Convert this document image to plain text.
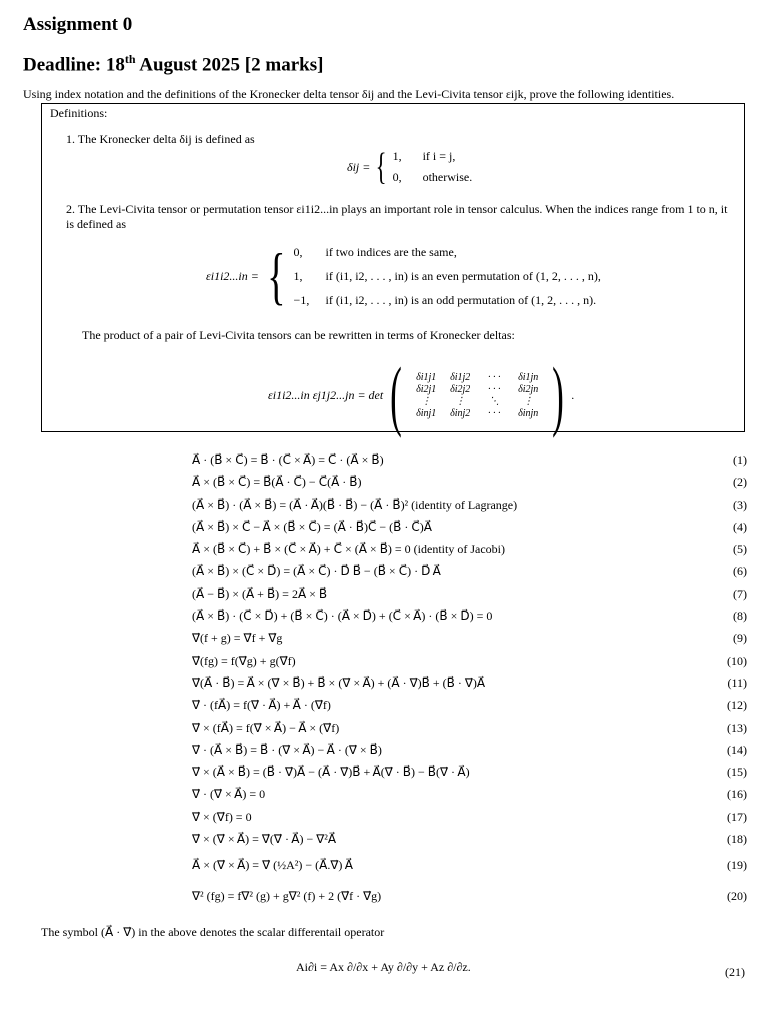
Assignment 0
Deadline: 18th August 2025 [2 marks]
Using index notation and the definitions of the Kronecker delta tensor δij and the Levi-Civita tensor εijk, prove the following identities.
Definitions:
1. The Kronecker delta δij is defined as
δij = { 1,	if i = j,
0,	otherwise.
2. The Levi-Civita tensor or permutation tensor εi1i2...in plays an important role in tensor calculus. When the indices range from 1 to n, it is defined as
εi1i2...in = { 0,	if two indices are the same,
1,	if (i1, i2, . . . , in) is an even permutation of (1, 2, . . . , n),
−1,	if (i1, i2, . . . , in) is an odd permutation of (1, 2, . . . , n).
The product of a pair of Levi-Civita tensors can be rewritten in terms of Kronecker deltas:
εi1i2...in εj1j2...jn = det (	δi1j1	δi1j2	· · ·	δi1jn
δi2j1	δi2j2	· · ·	δi2jn
⋮	⋮	⋱	⋮
δinj1	δinj2	· · ·	δinjn ) .
A⃗ · (B⃗ × C⃗) = B⃗ · (C⃗ × A⃗) = C⃗ · (A⃗ × B⃗)	(1)
A⃗ × (B⃗ × C⃗) = B⃗(A⃗ · C⃗) − C⃗(A⃗ · B⃗)	(2)
(A⃗ × B⃗) · (A⃗ × B⃗) = (A⃗ · A⃗)(B⃗ · B⃗) − (A⃗ · B⃗)² (identity of Lagrange)	(3)
(A⃗ × B⃗) × C⃗ − A⃗ × (B⃗ × C⃗) = (A⃗ · B⃗)C⃗ − (B⃗ · C⃗)A⃗	(4)
A⃗ × (B⃗ × C⃗) + B⃗ × (C⃗ × A⃗) + C⃗ × (A⃗ × B⃗) = 0 (identity of Jacobi)	(5)
(A⃗ × B⃗) × (C⃗ × D⃗) = (A⃗ × C⃗) · D⃗ B⃗ − (B⃗ × C⃗) · D⃗ A⃗	(6)
(A⃗ − B⃗) × (A⃗ + B⃗) = 2A⃗ × B⃗	(7)
(A⃗ × B⃗) · (C⃗ × D⃗) + (B⃗ × C⃗) · (A⃗ × D⃗) + (C⃗ × A⃗) · (B⃗ × D⃗) = 0	(8)
∇⃗(f + g) = ∇⃗f + ∇⃗g	(9)
∇⃗(fg) = f(∇⃗g) + g(∇⃗f)	(10)
∇⃗(A⃗ · B⃗) = A⃗ × (∇⃗ × B⃗) + B⃗ × (∇⃗ × A⃗) + (A⃗ · ∇⃗)B⃗ + (B⃗ · ∇⃗)A⃗	(11)
∇⃗ · (fA⃗) = f(∇⃗ · A⃗) + A⃗ · (∇⃗f)	(12)
∇⃗ × (fA⃗) = f(∇⃗ × A⃗) − A⃗ × (∇⃗f)	(13)
∇⃗ · (A⃗ × B⃗) = B⃗ · (∇⃗ × A⃗) − A⃗ · (∇⃗ × B⃗)	(14)
∇⃗ × (A⃗ × B⃗) = (B⃗ · ∇⃗)A⃗ − (A⃗ · ∇⃗)B⃗ + A⃗(∇⃗ · B⃗) − B⃗(∇⃗ · A⃗)	(15)
∇⃗ · (∇⃗ × A⃗) = 0	(16)
∇⃗ × (∇⃗f) = 0	(17)
∇⃗ × (∇⃗ × A⃗) = ∇⃗(∇⃗ · A⃗) − ∇²A⃗	(18)
A⃗ × (∇⃗ × A⃗) = ∇⃗ (½A²) − (A⃗.∇⃗) A⃗	(19)
∇² (fg) = f∇² (g) + g∇² (f) + 2 (∇⃗f · ∇⃗g)	(20)
The symbol (A⃗ · ∇⃗) in the above denotes the scalar differentail operator
Ai∂i = Ax ∂/∂x + Ay ∂/∂y + Az ∂/∂z.	(21)
